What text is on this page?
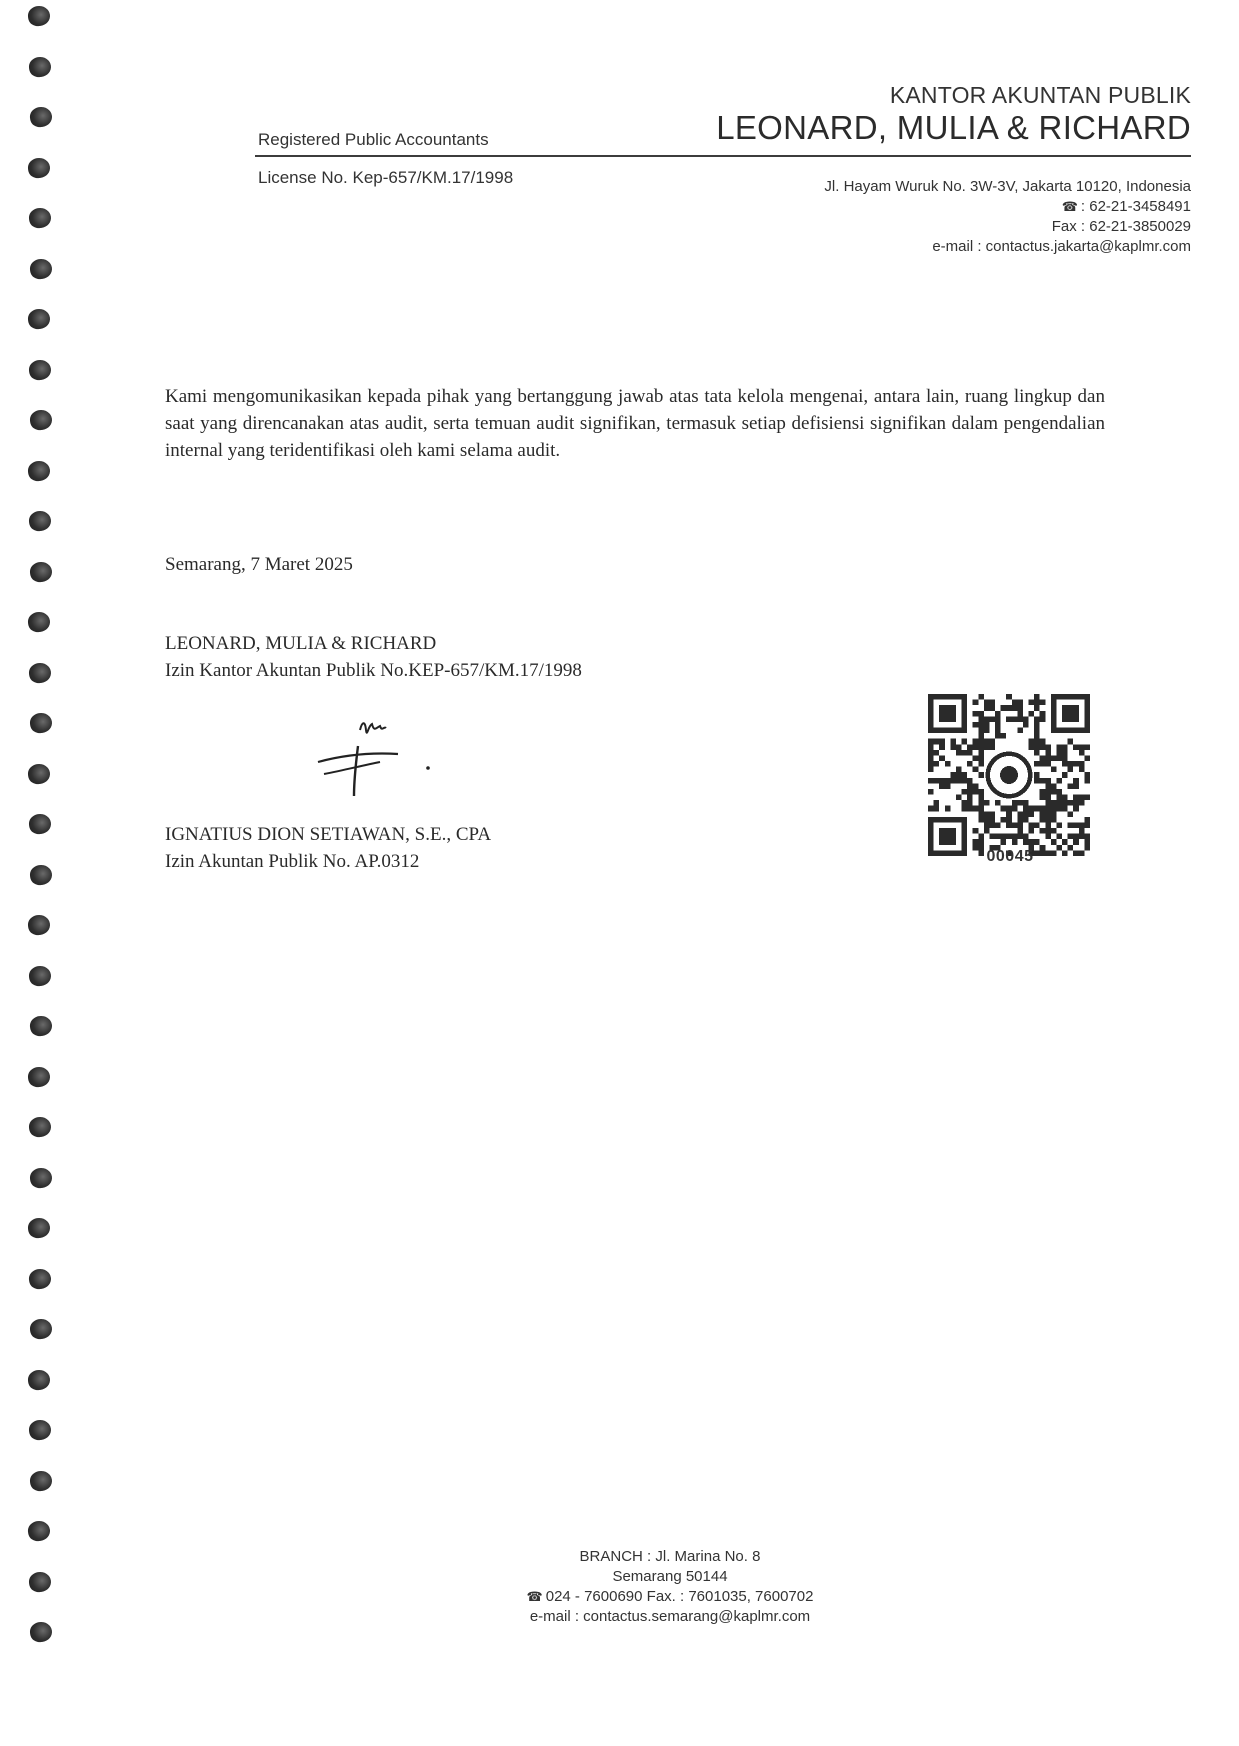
KANTOR AKUNTAN PUBLIK
LEONARD, MULIA & RICHARD
Registered Public Accountants
License No. Kep-657/KM.17/1998	Jl. Hayam Wuruk No. 3W-3V, Jakarta 10120, Indonesia
☎ : 62-21-3458491
Fax : 62-21-3850029
e-mail : contactus.jakarta@kaplmr.com
Kami mengomunikasikan kepada pihak yang bertanggung jawab atas tata kelola mengenai, antara lain, ruang lingkup dan saat yang direncanakan atas audit, serta temuan audit signifikan, termasuk setiap defisiensi signifikan dalam pengendalian internal yang teridentifikasi oleh kami selama audit.
Semarang, 7 Maret 2025
LEONARD, MULIA & RICHARD
Izin Kantor Akuntan Publik No.KEP-657/KM.17/1998
IGNATIUS DION SETIAWAN, S.E., CPA
Izin Akuntan Publik No. AP.0312	00045
BRANCH : Jl. Marina No. 8
Semarang 50144
☎ 024 - 7600690 Fax. : 7601035, 7600702
e-mail : contactus.semarang@kaplmr.com
